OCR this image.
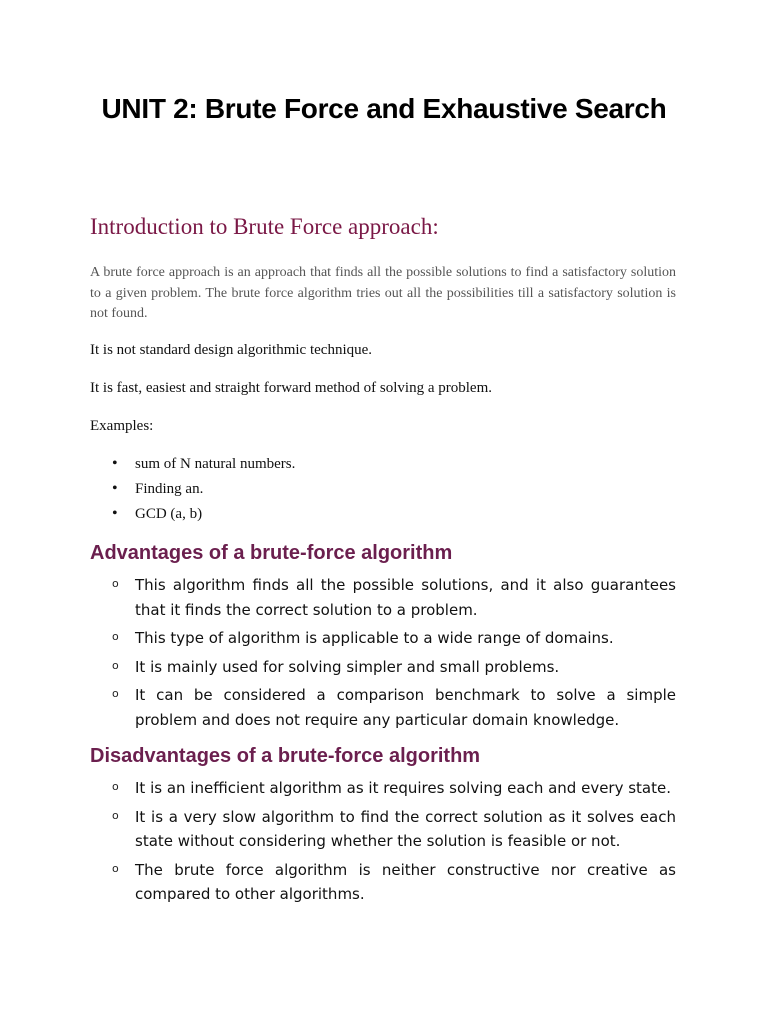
UNIT 2: Brute Force and Exhaustive Search
Introduction to Brute Force approach:

A brute force approach is an approach that finds all the possible solutions to find a satisfactory solution to a given problem. The brute force algorithm tries out all the possibilities till a satisfactory solution is not found.

It is not standard design algorithmic technique.

It is fast, easiest and straight forward method of solving a problem.

Examples:

• sum of N natural numbers.
• Finding an.
• GCD (a, b)
Advantages of a brute-force algorithm
o This algorithm finds all the possible solutions, and it also guarantees that it finds the correct solution to a problem.
o This type of algorithm is applicable to a wide range of domains.
o It is mainly used for solving simpler and small problems.
o It can be considered a comparison benchmark to solve a simple problem and does not require any particular domain knowledge.
Disadvantages of a brute-force algorithm
o It is an inefficient algorithm as it requires solving each and every state.
o It is a very slow algorithm to find the correct solution as it solves each state without considering whether the solution is feasible or not.
o The brute force algorithm is neither constructive nor creative as compared to other algorithms.
